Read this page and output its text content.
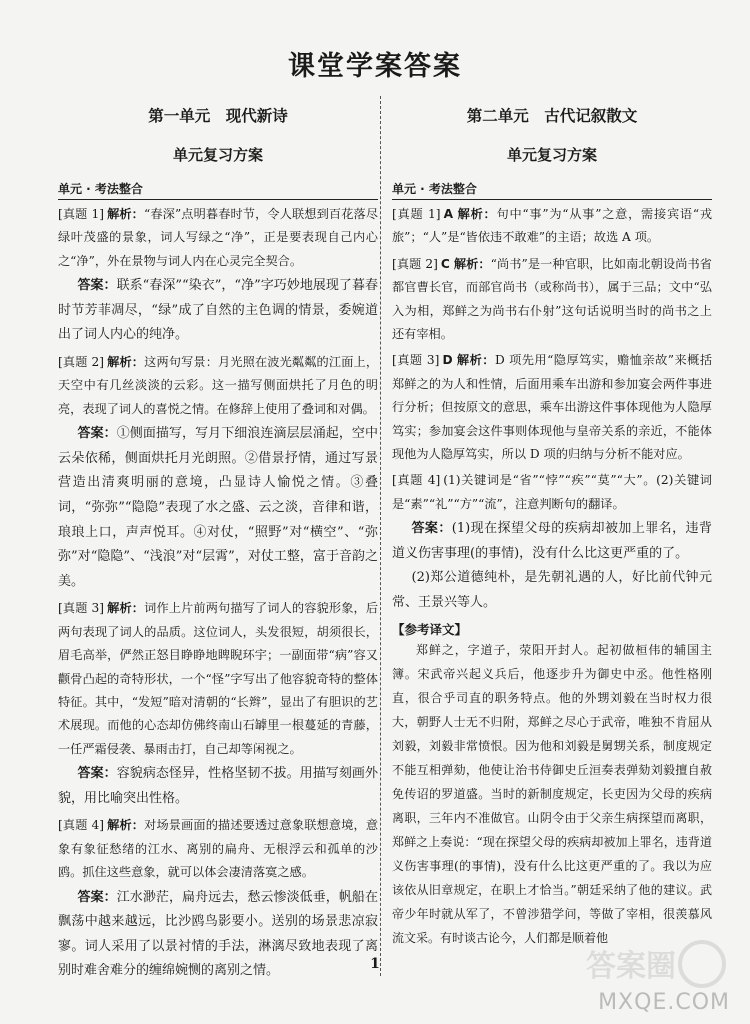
课堂学案答案
第一单元　现代新诗
单元复习方案
单元 · 考法整合
[真题 1] 解析：“春深”点明暮春时节，令人联想到百花落尽绿叶茂盛的景象，词人写绿之“净”，正是要表现自己内心之“净”，外在景物与词人内在心灵完全契合。
答案：联系“春深”“染衣”，“净”字巧妙地展现了暮春时节芳菲凋尽，“绿”成了自然的主色调的情景，委婉道出了词人内心的纯净。
[真题 2] 解析：这两句写景：月光照在波光粼粼的江面上，天空中有几丝淡淡的云彩。这一描写侧面烘托了月色的明亮，表现了词人的喜悦之情。在修辞上使用了叠词和对偶。
答案：①侧面描写，写月下细浪连滴层层涌起，空中云朵依稀，侧面烘托月光朗照。②借景抒情，通过写景营造出清爽明丽的意境，凸显诗人愉悦之情。③叠词，“弥弥”“隐隐”表现了水之盛、云之淡，音律和谐，琅琅上口，声声悦耳。④对仗，“照野”对“横空”、“弥弥”对“隐隐”、“浅浪”对“层霄”，对仗工整，富于音韵之美。
[真题 3] 解析：词作上片前两句描写了词人的容貌形象，后两句表现了词人的品质。这位词人，头发很短，胡须很长，眉毛高举，俨然正怒目睁睁地睥睨环宇；一副面带“病”容又颧骨凸起的奇特形状，一个“怪”字写出了他容貌奇特的整体特征。其中，“发短”暗对清朝的“长辫”，显出了有胆识的艺术展现。而他的心态却仿佛终南山石罅里一根蔓延的青藤，一任严霜侵袭、暴雨击打，自己却等闲视之。
答案：容貌病态怪异，性格坚韧不拔。用描写刻画外貌，用比喻突出性格。
[真题 4] 解析：对场景画面的描述要透过意象联想意境，意象有象征愁绪的江水、离别的扁舟、无根浮云和孤单的沙鸥。抓住这些意象，就可以体会凄清落寞之感。
答案：江水渺茫，扁舟远去，愁云惨淡低垂，帆船在飘荡中越来越远，比沙鸥鸟影要小。送别的场景悲凉寂寥。词人采用了以景衬情的手法，淋漓尽致地表现了离别时难舍难分的缠绵婉恻的离别之情。
第二单元　古代记叙散文
单元复习方案
单元 · 考法整合
[真题 1] A 解析：句中“事”为“从事”之意，需接宾语“戎旅”；“人”是“皆依违不敢难”的主语；故选 A 项。
[真题 2] C 解析：“尚书”是一种官职，比如南北朝设尚书省都官曹长官，而部官尚书（或称尚书），属于三品；文中“弘入为相，郑鲜之为尚书右仆射”这句话说明当时的尚书之上还有宰相。
[真题 3] D 解析：D 项先用“隐厚笃实，赡恤亲故”来概括郑鲜之的为人和性情，后面用乘车出游和参加宴会两件事进行分析；但按原文的意思，乘车出游这件事体现他为人隐厚笃实；参加宴会这件事则体现他与皇帝关系的亲近，不能体现他为人隐厚笃实，所以 D 项的归纳与分析不能对应。
[真题 4] (1)关键词是“省”“悖”“疾”“莫”“大”。(2)关键词是“素”“礼”“方”“流”，注意判断句的翻译。
答案：(1)现在探望父母的疾病却被加上罪名，违背道义伤害事理(的事情)，没有什么比这更严重的了。
(2)郑公道德纯朴，是先朝礼遇的人，好比前代钟元常、王景兴等人。
【参考译文】
郑鲜之，字道子，荥阳开封人。起初做桓伟的辅国主簿。宋武帝兴起义兵后，他逐步升为御史中丞。他性格刚直，很合乎司直的职务特点。他的外甥刘毅在当时权力很大，朝野人士无不归附，郑鲜之尽心于武帝，唯独不肯屈从刘毅，刘毅非常愤恨。因为他和刘毅是舅甥关系，制度规定不能互相弹劾，他使让治书侍御史丘洹奏表弹劾刘毅擅自赦免传诏的罗道盛。当时的新制度规定，长吏因为父母的疾病离职，三年内不准做官。山阴令由于父亲生病探望而离职，郑鲜之上奏说：“现在探望父母的疾病却被加上罪名，违背道义伤害事理(的事情)，没有什么比这更严重的了。我以为应该依从旧章规定，在职上才恰当。”朝廷采纳了他的建议。武帝少年时就从军了，不曾涉猎学问，等做了宰相，很羡慕风流文采。有时谈古论今，人们都是顺着他
1	答案圈
MXQE.COM
